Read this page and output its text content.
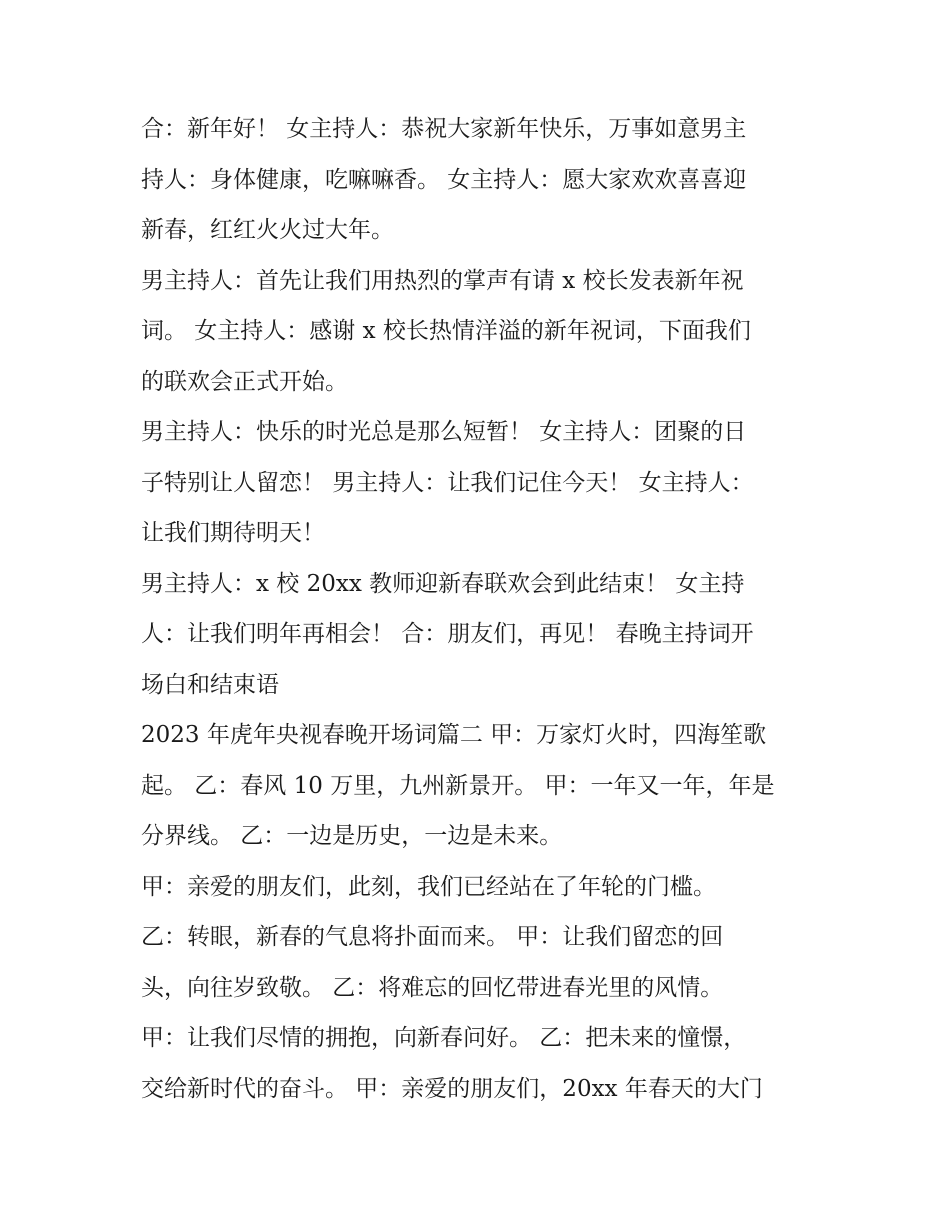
合：新年好！ 女主持人：恭祝大家新年快乐，万事如意男主
持人：身体健康，吃嘛嘛香。 女主持人：愿大家欢欢喜喜迎
新春，红红火火过大年。
男主持人：首先让我们用热烈的掌声有请 x 校长发表新年祝
词。 女主持人：感谢 x 校长热情洋溢的新年祝词，下面我们
的联欢会正式开始。
男主持人：快乐的时光总是那么短暂！ 女主持人：团聚的日
子特别让人留恋！ 男主持人：让我们记住今天！ 女主持人：
让我们期待明天！
男主持人：x 校 20xx 教师迎新春联欢会到此结束！ 女主持
人：让我们明年再相会！ 合：朋友们，再见！ 春晚主持词开
场白和结束语
2023 年虎年央视春晚开场词篇二 甲：万家灯火时，四海笙歌
起。 乙：春风 10 万里，九州新景开。 甲：一年又一年，年是
分界线。 乙：一边是历史，一边是未来。
甲：亲爱的朋友们，此刻，我们已经站在了年轮的门槛。
乙：转眼，新春的气息将扑面而来。 甲：让我们留恋的回
头，向往岁致敬。 乙：将难忘的回忆带进春光里的风情。
甲：让我们尽情的拥抱，向新春问好。 乙：把未来的憧憬，
交给新时代的奋斗。 甲：亲爱的朋友们，20xx 年春天的大门
